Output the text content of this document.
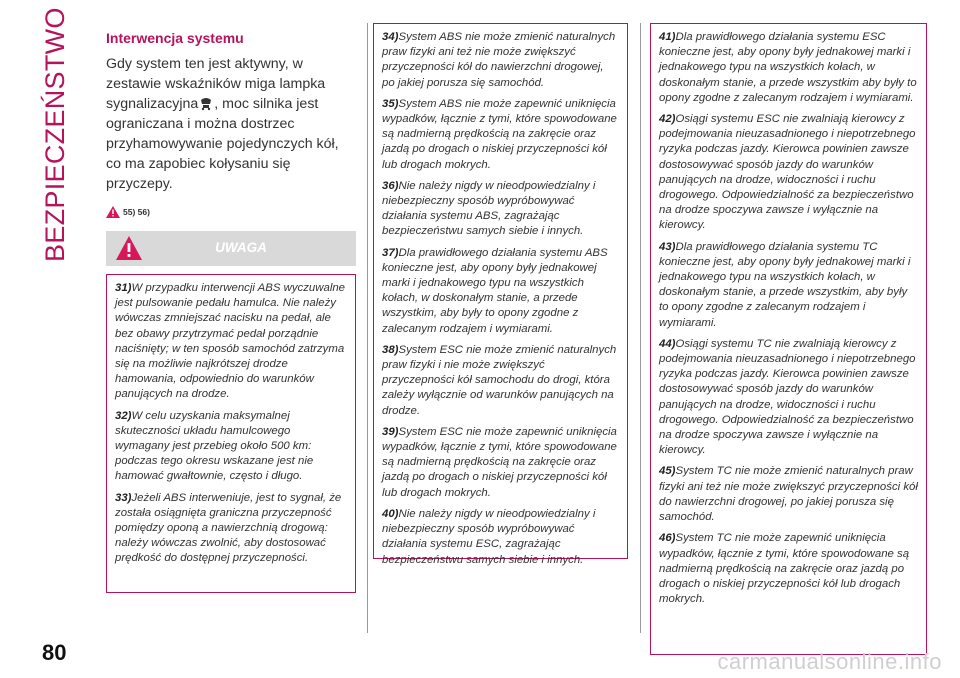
BEZPIECZEŃSTWO	Interwencja systemu

Gdy system ten jest aktywny, w zestawie wskaźników miga lampka sygnalizacyjna , moc silnika jest ograniczana i można dostrzec przyhamowywanie pojedynczych kół, co ma zapobiec kołysaniu się przyczepy.

55) 56)
UWAGA

31)W przypadku interwencji ABS wyczuwalne jest pulsowanie pedału hamulca. Nie należy wówczas zmniejszać nacisku na pedał, ale bez obawy przytrzymać pedał porządnie naciśnięty; w ten sposób samochód zatrzyma się na możliwie najkrótszej drodze hamowania, odpowiednio do warunków panujących na drodze.

32)W celu uzyskania maksymalnej skuteczności układu hamulcowego wymagany jest przebieg około 500 km: podczas tego okresu wskazane jest nie hamować gwałtownie, często i długo.

33)Jeżeli ABS interweniuje, jest to sygnał, że została osiągnięta graniczna przyczepność pomiędzy oponą a nawierzchnią drogową: należy wówczas zwolnić, aby dostosować prędkość do dostępnej przyczepności.

34)System ABS nie może zmienić naturalnych praw fizyki ani też nie może zwiększyć przyczepności kół do nawierzchni drogowej, po jakiej porusza się samochód.

35)System ABS nie może zapewnić uniknięcia wypadków, łącznie z tymi, które spowodowane są nadmierną prędkością na zakręcie oraz jazdą po drogach o niskiej przyczepności kół lub drogach mokrych.

36)Nie należy nigdy w nieodpowiedzialny i niebezpieczny sposób wypróbowywać działania systemu ABS, zagrażając bezpieczeństwu samych siebie i innych.

37)Dla prawidłowego działania systemu ABS konieczne jest, aby opony były jednakowej marki i jednakowego typu na wszystkich kołach, w doskonałym stanie, a przede wszystkim, aby były to opony zgodne z zalecanym rodzajem i wymiarami.

38)System ESC nie może zmienić naturalnych praw fizyki i nie może zwiększyć przyczepności kół samochodu do drogi, która zależy wyłącznie od warunków panujących na drodze.

39)System ESC nie może zapewnić uniknięcia wypadków, łącznie z tymi, które spowodowane są nadmierną prędkością na zakręcie oraz jazdą po drogach o niskiej przyczepności kół lub drogach mokrych.

40)Nie należy nigdy w nieodpowiedzialny i niebezpieczny sposób wypróbowywać działania systemu ESC, zagrażając bezpieczeństwu samych siebie i innych.

41)Dla prawidłowego działania systemu ESC konieczne jest, aby opony były jednakowej marki i jednakowego typu na wszystkich kołach, w doskonałym stanie, a przede wszystkim aby były to opony zgodne z zalecanym rodzajem i wymiarami.

42)Osiągi systemu ESC nie zwalniają kierowcy z podejmowania nieuzasadnionego i niepotrzebnego ryzyka podczas jazdy. Kierowca powinien zawsze dostosowywać sposób jazdy do warunków panujących na drodze, widoczności i ruchu drogowego. Odpowiedzialność za bezpieczeństwo na drodze spoczywa zawsze i wyłącznie na kierowcy.

43)Dla prawidłowego działania systemu TC konieczne jest, aby opony były jednakowej marki i jednakowego typu na wszystkich kołach, w doskonałym stanie, a przede wszystkim, aby były to opony zgodne z zalecanym rodzajem i wymiarami.

44)Osiągi systemu TC nie zwalniają kierowcy z podejmowania nieuzasadnionego i niepotrzebnego ryzyka podczas jazdy. Kierowca powinien zawsze dostosowywać sposób jazdy do warunków panujących na drodze, widoczności i ruchu drogowego. Odpowiedzialność za bezpieczeństwo na drodze spoczywa zawsze i wyłącznie na kierowcy.

45)System TC nie może zmienić naturalnych praw fizyki ani też nie może zwiększyć przyczepności kół do nawierzchni drogowej, po jakiej porusza się samochód.

46)System TC nie może zapewnić uniknięcia wypadków, łącznie z tymi, które spowodowane są nadmierną prędkością na zakręcie oraz jazdą po drogach o niskiej przyczepności kół lub drogach mokrych.

80	carmanualsonline.info
